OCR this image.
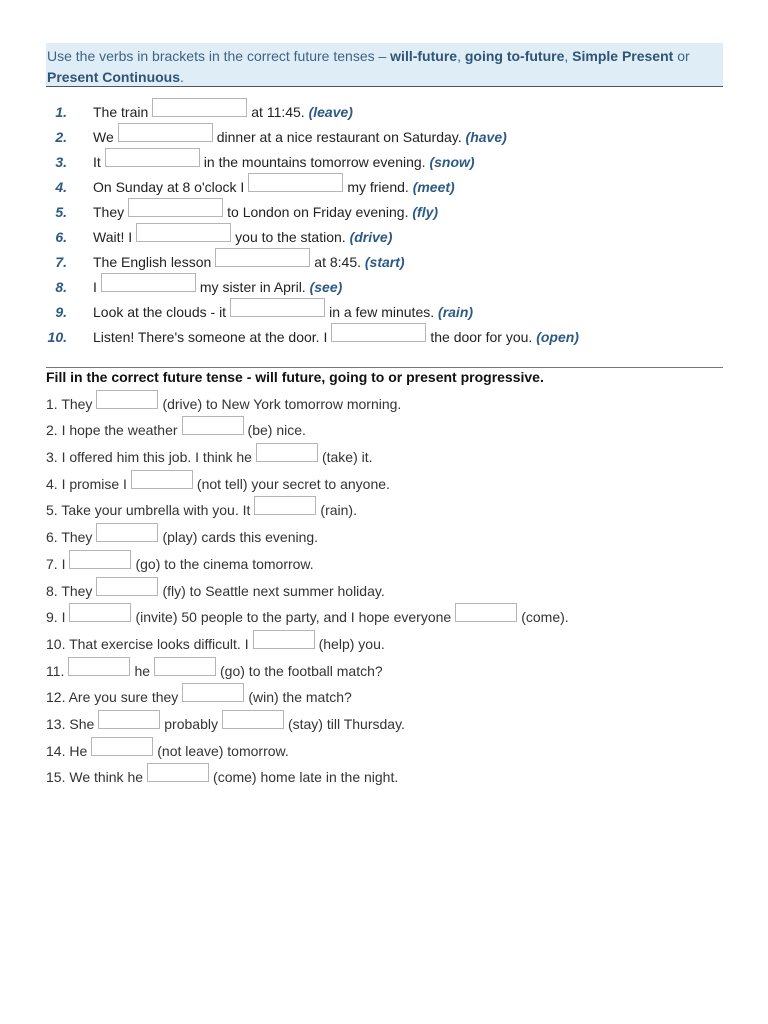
Use the verbs in brackets in the correct future tenses – will-future, going to-future, Simple Present or Present Continuous.
1.	The train	at 11:45. (leave)
2.	We	dinner at a nice restaurant on Saturday. (have)
3.	It	in the mountains tomorrow evening. (snow)
4.	On Sunday at 8 o'clock I	my friend. (meet)
5.	They	to London on Friday evening. (fly)
6.	Wait! I	you to the station. (drive)
7.	The English lesson	at 8:45. (start)
8.	I	my sister in April. (see)
9.	Look at the clouds - it	in a few minutes. (rain)
10.	Listen! There's someone at the door. I	the door for you. (open)
Fill in the correct future tense - will future, going to or present progressive.
1. They	(drive) to New York tomorrow morning.
2. I hope the weather	(be) nice.
3. I offered him this job. I think he	(take) it.
4. I promise I	(not tell) your secret to anyone.
5. Take your umbrella with you. It	(rain).
6. They	(play) cards this evening.
7. I	(go) to the cinema tomorrow.
8. They	(fly) to Seattle next summer holiday.
9. I	(invite) 50 people to the party, and I hope everyone	(come).
10. That exercise looks difficult. I	(help) you.
11.	he	(go) to the football match?
12. Are you sure they	(win) the match?
13. She	probably	(stay) till Thursday.
14. He	(not leave) tomorrow.
15. We think he	(come) home late in the night.
